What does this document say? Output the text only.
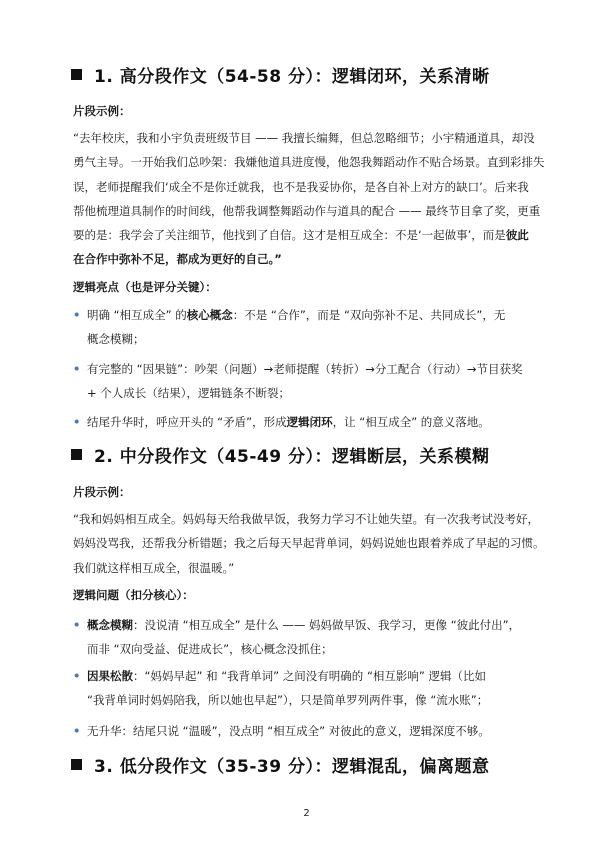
1. 高分段作文（54-58 分）：逻辑闭环，关系清晰
片段示例：
“去年校庆，我和小宇负责班级节目 —— 我擅长编舞，但总忽略细节；小宇精通道具，却没
勇气主导。一开始我们总吵架：我嫌他道具进度慢，他怨我舞蹈动作不贴合场景。直到彩排失
误，老师提醒我们‘成全不是你迁就我，也不是我妥协你，是各自补上对方的缺口’。后来我
帮他梳理道具制作的时间线，他帮我调整舞蹈动作与道具的配合 —— 最终节目拿了奖，更重
要的是：我学会了关注细节，他找到了自信。这才是相互成全：不是‘一起做事’，而是彼此
在合作中弥补不足，都成为更好的自己。”
逻辑亮点（也是评分关键）：
• 明确 “相互成全” 的核心概念：不是 “合作”，而是 “双向弥补不足、共同成长”，无
概念模糊；
• 有完整的 “因果链”：吵架（问题）→老师提醒（转折）→分工配合（行动）→节目获奖
+ 个人成长（结果），逻辑链条不断裂；
• 结尾升华时，呼应开头的 “矛盾”，形成逻辑闭环，让 “相互成全” 的意义落地。
2. 中分段作文（45-49 分）：逻辑断层，关系模糊
片段示例：
“我和妈妈相互成全。妈妈每天给我做早饭，我努力学习不让她失望。有一次我考试没考好，
妈妈没骂我，还帮我分析错题；我之后每天早起背单词，妈妈说她也跟着养成了早起的习惯。
我们就这样相互成全，很温暖。”
逻辑问题（扣分核心）：
• 概念模糊：没说清 “相互成全” 是什么 —— 妈妈做早饭、我学习，更像 “彼此付出”，
而非 “双向受益、促进成长”，核心概念没抓住；
• 因果松散：“妈妈早起” 和 “我背单词” 之间没有明确的 “相互影响” 逻辑（比如
“我背单词时妈妈陪我，所以她也早起”），只是简单罗列两件事，像 “流水账”；
• 无升华：结尾只说 “温暖”，没点明 “相互成全” 对彼此的意义，逻辑深度不够。
3. 低分段作文（35-39 分）：逻辑混乱，偏离题意
2
